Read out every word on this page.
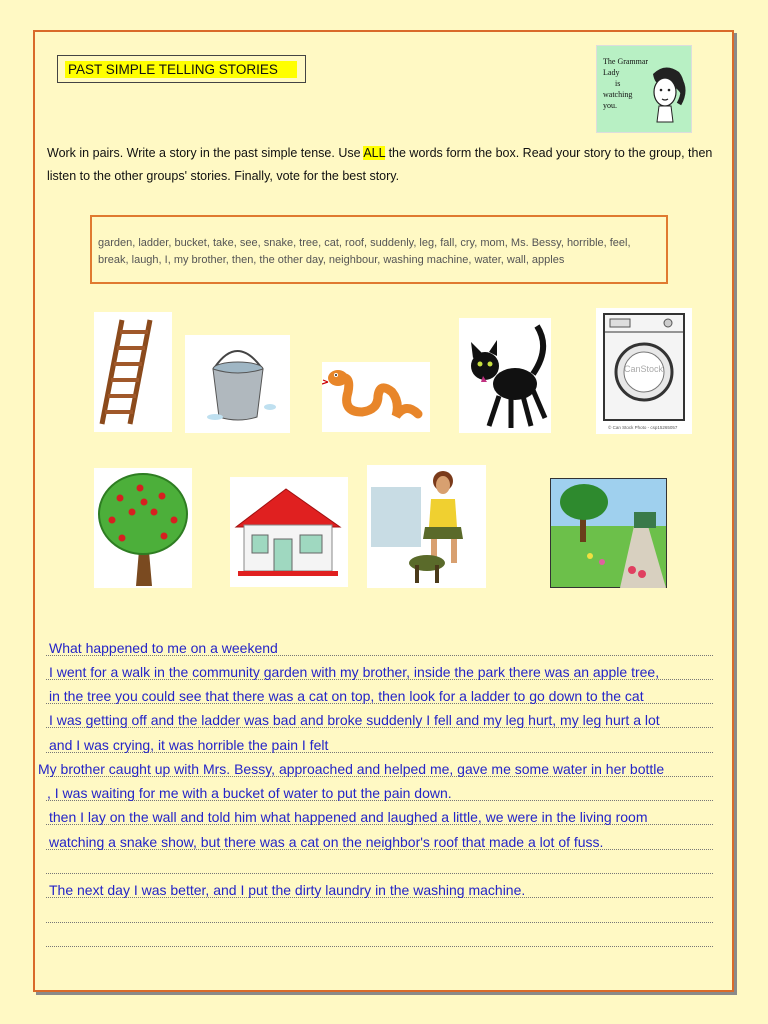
PAST SIMPLE TELLING STORIES
The Grammar Lady
is
watching
you.
Work in pairs. Write a story in the past simple tense. Use ALL the words form the box. Read your story to the group, then listen to the other groups' stories. Finally, vote for the best story.
garden, ladder, bucket, take, see, snake, tree, cat, roof, suddenly, leg, fall, cry, mom, Ms. Bessy, horrible, feel, break, laugh, I, my brother, then, the other day, neighbour, washing machine, water, wall, apples
CanStock
© Can Stock Photo - csp15265057
What happened to me on a weekend
I went for a walk in the community garden with my brother, inside the park there was an apple tree,
in the tree you could see that there was a cat on top, then look for a ladder to go down to the cat
I was getting off and the ladder was bad and broke suddenly I fell and my leg hurt, my leg hurt a lot
and I was crying, it was horrible the pain I felt
My brother caught up with Mrs. Bessy, approached and helped me, gave me some water in her bottle
, I was waiting for me with a bucket of water to put the pain down.
then I lay on the wall and told him what happened and laughed a little, we were in the living room
watching a snake show, but there was a cat on the neighbor's roof that made a lot of fuss.
The next day I was better, and I put the dirty laundry in the washing machine.
